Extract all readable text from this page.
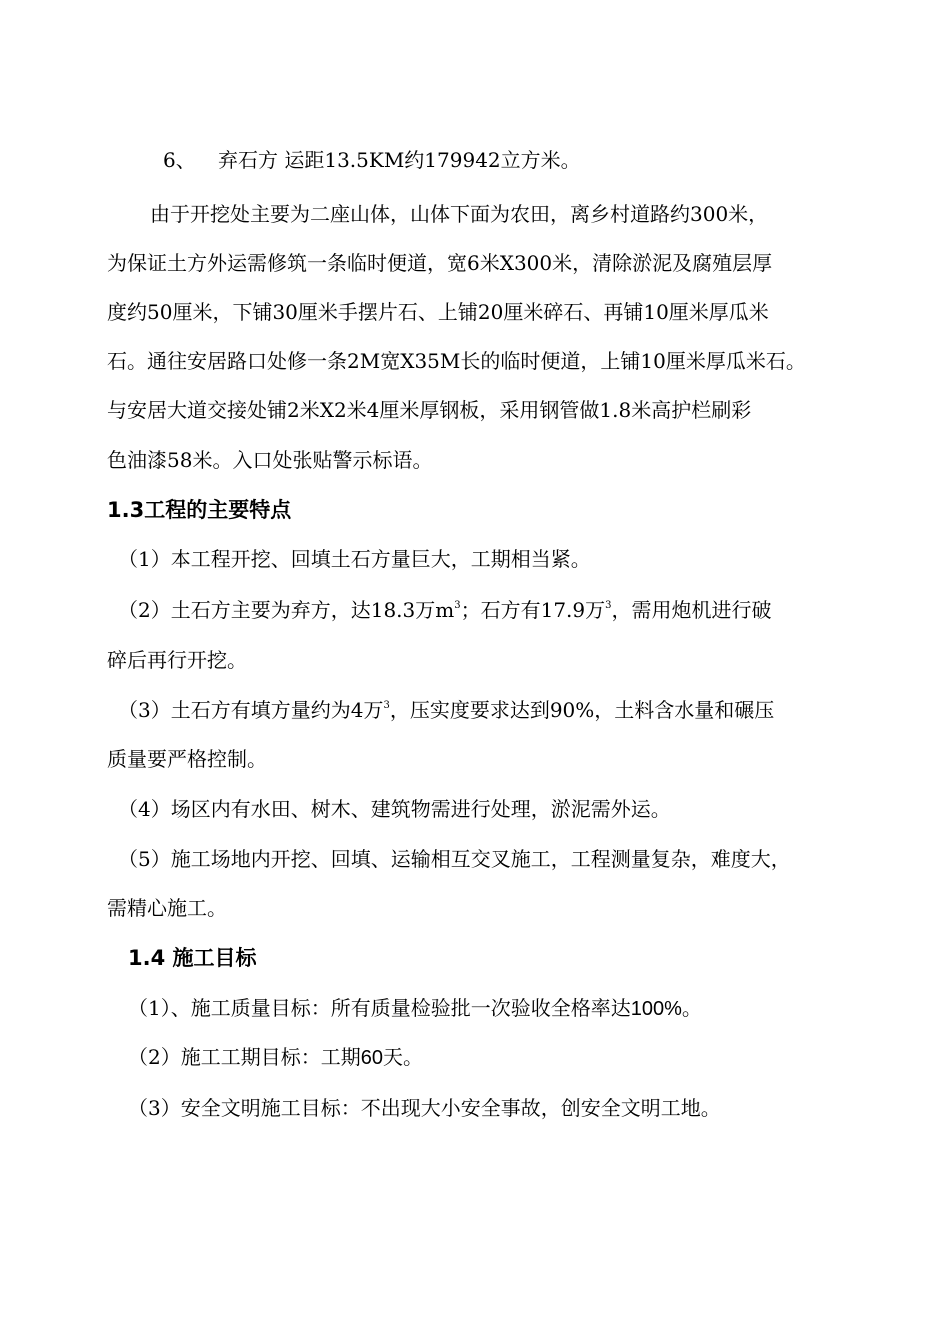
6、 弃石方 运距13.5KM约179942立方米。
由于开挖处主要为二座山体，山体下面为农田，离乡村道路约300米，
为保证土方外运需修筑一条临时便道，宽6米X300米，清除淤泥及腐殖层厚
度约50厘米，下铺30厘米手摆片石、上铺20厘米碎石、再铺10厘米厚瓜米
石。通往安居路口处修一条2M宽X35M长的临时便道，上铺10厘米厚瓜米石。
与安居大道交接处铺2米X2米4厘米厚钢板，采用钢管做1.8米高护栏刷彩
色油漆58米。入口处张贴警示标语。
1.3工程的主要特点
（1）本工程开挖、回填土石方量巨大，工期相当紧。
（2）土石方主要为弃方，达18.3万$m^3$；石方有17.9万$^3$，需用炮机进行破
碎后再行开挖。
（3）土石方有填方量约为4万$^3$，压实度要求达到90%，土料含水量和碾压
质量要严格控制。
（4）场区内有水田、树木、建筑物需进行处理，淤泥需外运。
（5）施工场地内开挖、回填、运输相互交叉施工，工程测量复杂，难度大，
需精心施工。
1.4 施工目标
（1）、施工质量目标：所有质量检验批一次验收全格率达100%。
（2）施工工期目标：工期60天。
（3）安全文明施工目标：不出现大小安全事故，创安全文明工地。
